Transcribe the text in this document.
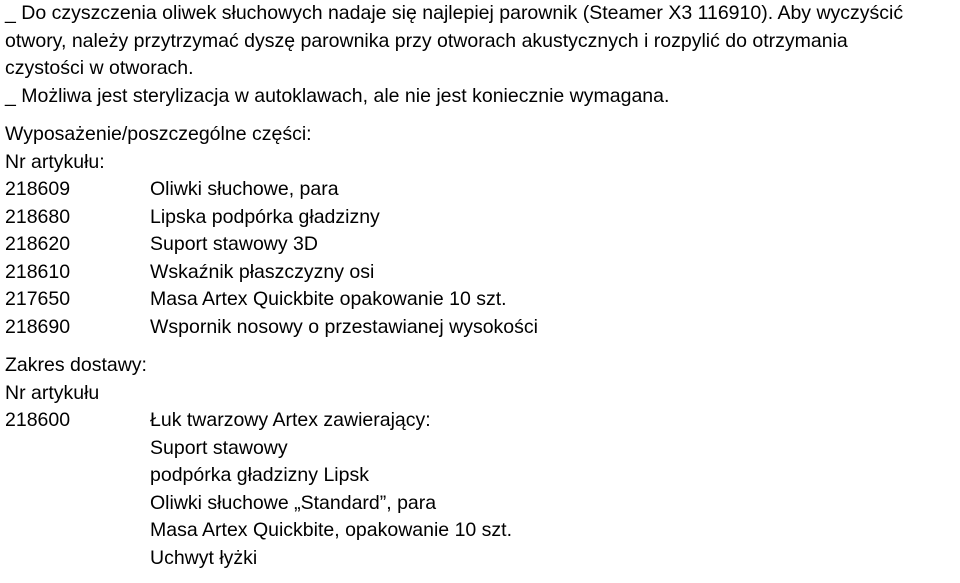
_ Do czyszczenia oliwek słuchowych nadaje się najlepiej parownik (Steamer X3 116910). Aby wyczyścić
otwory, należy przytrzymać dyszę parownika przy otworach akustycznych i rozpylić do otrzymania
czystości w otworach.
_ Możliwa jest sterylizacja w autoklawach, ale nie jest koniecznie wymagana.
Wyposażenie/poszczególne części:
Nr artykułu:
218609	Oliwki słuchowe, para
218680	Lipska podpórka gładzizny
218620	Suport stawowy 3D
218610	Wskaźnik płaszczyzny osi
217650	Masa Artex Quickbite opakowanie 10 szt.
218690	Wspornik nosowy o przestawianej wysokości
Zakres dostawy:
Nr artykułu
218600	Łuk twarzowy Artex zawierający:
Suport stawowy
podpórka gładzizny Lipsk
Oliwki słuchowe „Standard”, para
Masa Artex Quickbite, opakowanie 10 szt.
Uchwyt łyżki
